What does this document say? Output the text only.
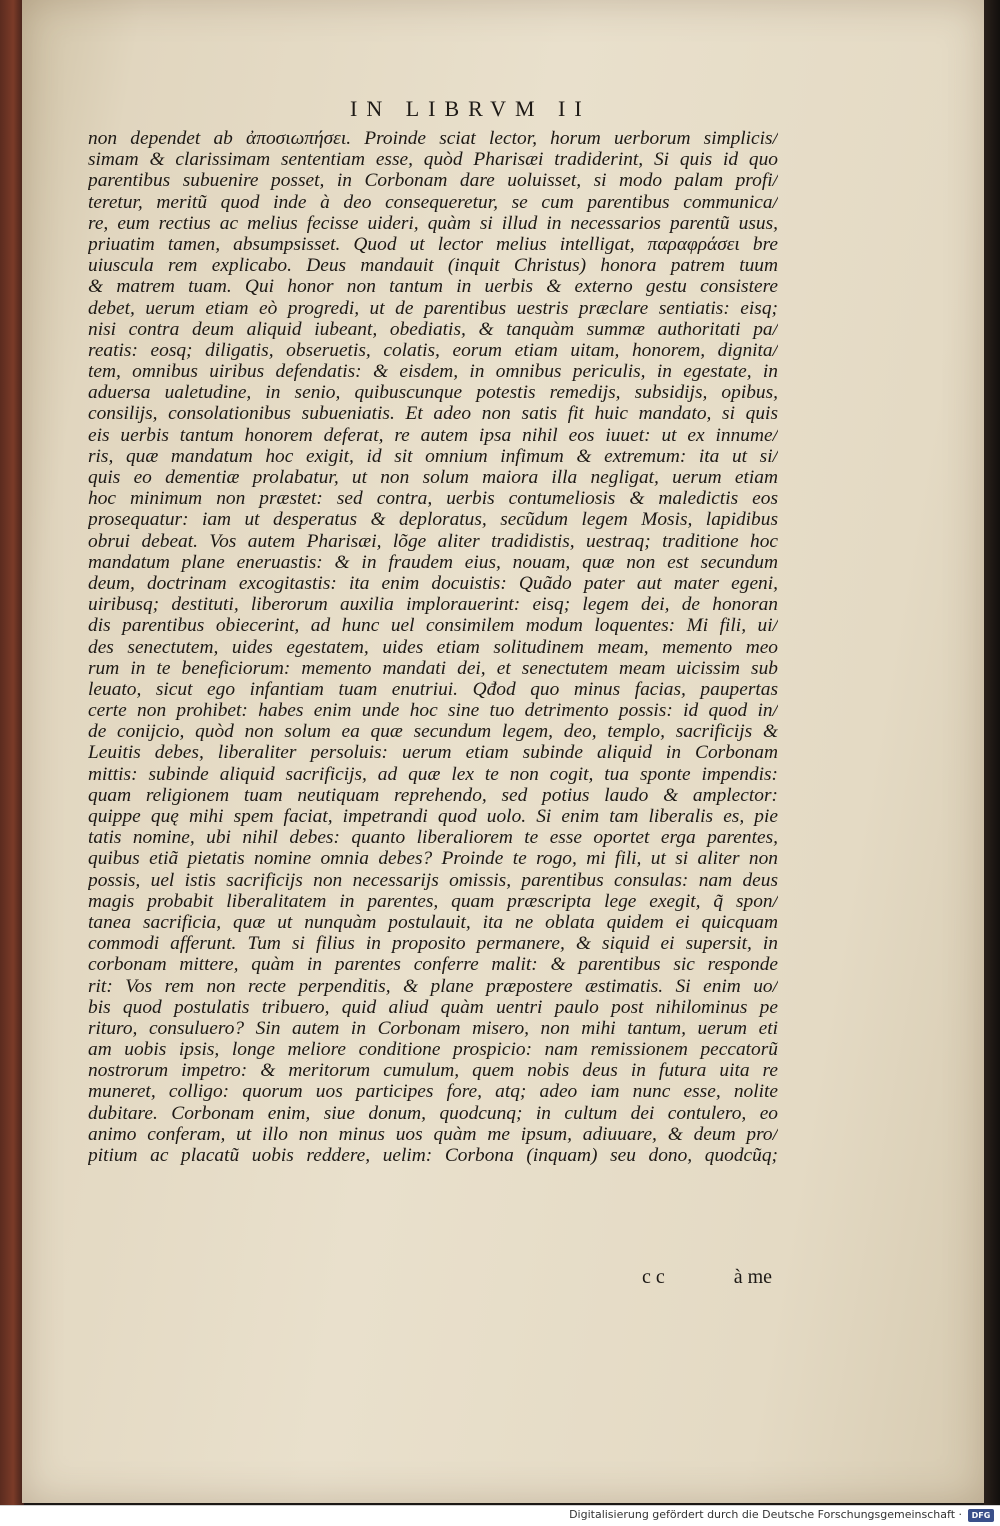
IN LIBRVM II
non dependet ab ἀποσιωπήσει. Proinde sciat lector, horum uerborum simplicis/
simam & clarissimam sententiam esse, quòd Pharisæi tradiderint, Si quis id quo
parentibus subuenire posset, in Corbonam dare uoluisset, si modo palam profi/
teretur, meritũ quod inde à deo consequeretur, se cum parentibus communica/
re, eum rectius ac melius fecisse uideri, quàm si illud in necessarios parentũ usus,
priuatim tamen, absumpsisset. Quod ut lector melius intelligat, παραφράσει bre
uiuscula rem explicabo. Deus mandauit (inquit Christus) honora patrem tuum
& matrem tuam. Qui honor non tantum in uerbis & externo gestu consistere
debet, uerum etiam eò progredi, ut de parentibus uestris præclare sentiatis: eisq;
nisi contra deum aliquid iubeant, obediatis, & tanquàm summæ authoritati pa/
reatis: eosq; diligatis, obseruetis, colatis, eorum etiam uitam, honorem, dignita/
tem, omnibus uiribus defendatis: & eisdem, in omnibus periculis, in egestate, in
aduersa ualetudine, in senio, quibuscunque potestis remedijs, subsidijs, opibus,
consilijs, consolationibus subueniatis. Et adeo non satis fit huic mandato, si quis
eis uerbis tantum honorem deferat, re autem ipsa nihil eos iuuet: ut ex innume/
ris, quæ mandatum hoc exigit, id sit omnium infimum & extremum: ita ut si/
quis eo dementiæ prolabatur, ut non solum maiora illa negligat, uerum etiam
hoc minimum non præstet: sed contra, uerbis contumeliosis & maledictis eos
prosequatur: iam ut desperatus & deploratus, secũdum legem Mosis, lapidibus
obrui debeat. Vos autem Pharisæi, lõge aliter tradidistis, uestraq; traditione hoc
mandatum plane eneruastis: & in fraudem eius, nouam, quæ non est secundum
deum, doctrinam excogitastis: ita enim docuistis: Quãdo pater aut mater egeni,
uiribusq; destituti, liberorum auxilia implorauerint: eisq; legem dei, de honoran
dis parentibus obiecerint, ad hunc uel consimilem modum loquentes: Mi fili, ui/
des senectutem, uides egestatem, uides etiam solitudinem meam, memento meo
rum in te beneficiorum: memento mandati dei, et senectutem meam uicissim sub
leuato, sicut ego infantiam tuam enutriui. Qđod quo minus facias, paupertas
certe non prohibet: habes enim unde hoc sine tuo detrimento possis: id quod in/
de conijcio, quòd non solum ea quæ secundum legem, deo, templo, sacrificijs &
Leuitis debes, liberaliter persoluis: uerum etiam subinde aliquid in Corbonam
mittis: subinde aliquid sacrificijs, ad quæ lex te non cogit, tua sponte impendis:
quam religionem tuam neutiquam reprehendo, sed potius laudo & amplector:
quippe quę mihi spem faciat, impetrandi quod uolo. Si enim tam liberalis es, pie
tatis nomine, ubi nihil debes: quanto liberaliorem te esse oportet erga parentes,
quibus etiã pietatis nomine omnia debes? Proinde te rogo, mi fili, ut si aliter non
possis, uel istis sacrificijs non necessarijs omissis, parentibus consulas: nam deus
magis probabit liberalitatem in parentes, quam præscripta lege exegit, q̃ spon/
tanea sacrificia, quæ ut nunquàm postulauit, ita ne oblata quidem ei quicquam
commodi afferunt. Tum si filius in proposito permanere, & siquid ei supersit, in
corbonam mittere, quàm in parentes conferre malit: & parentibus sic responde
rit: Vos rem non recte perpenditis, & plane præpostere æstimatis. Si enim uo/
bis quod postulatis tribuero, quid aliud quàm uentri paulo post nihilominus pe
rituro, consuluero? Sin autem in Corbonam misero, non mihi tantum, uerum eti
am uobis ipsis, longe meliore conditione prospicio: nam remissionem peccatorũ
nostrorum impetro: & meritorum cumulum, quem nobis deus in futura uita re
muneret, colligo: quorum uos participes fore, atq; adeo iam nunc esse, nolite
dubitare. Corbonam enim, siue donum, quodcunq; in cultum dei contulero, eo
animo conferam, ut illo non minus uos quàm me ipsum, adiuuare, & deum pro/
pitium ac placatũ uobis reddere, uelim: Corbona (inquam) seu dono, quodcũq;
c c	à me
Digitalisierung gefördert durch die Deutsche Forschungsgemeinschaft ·	DFG
